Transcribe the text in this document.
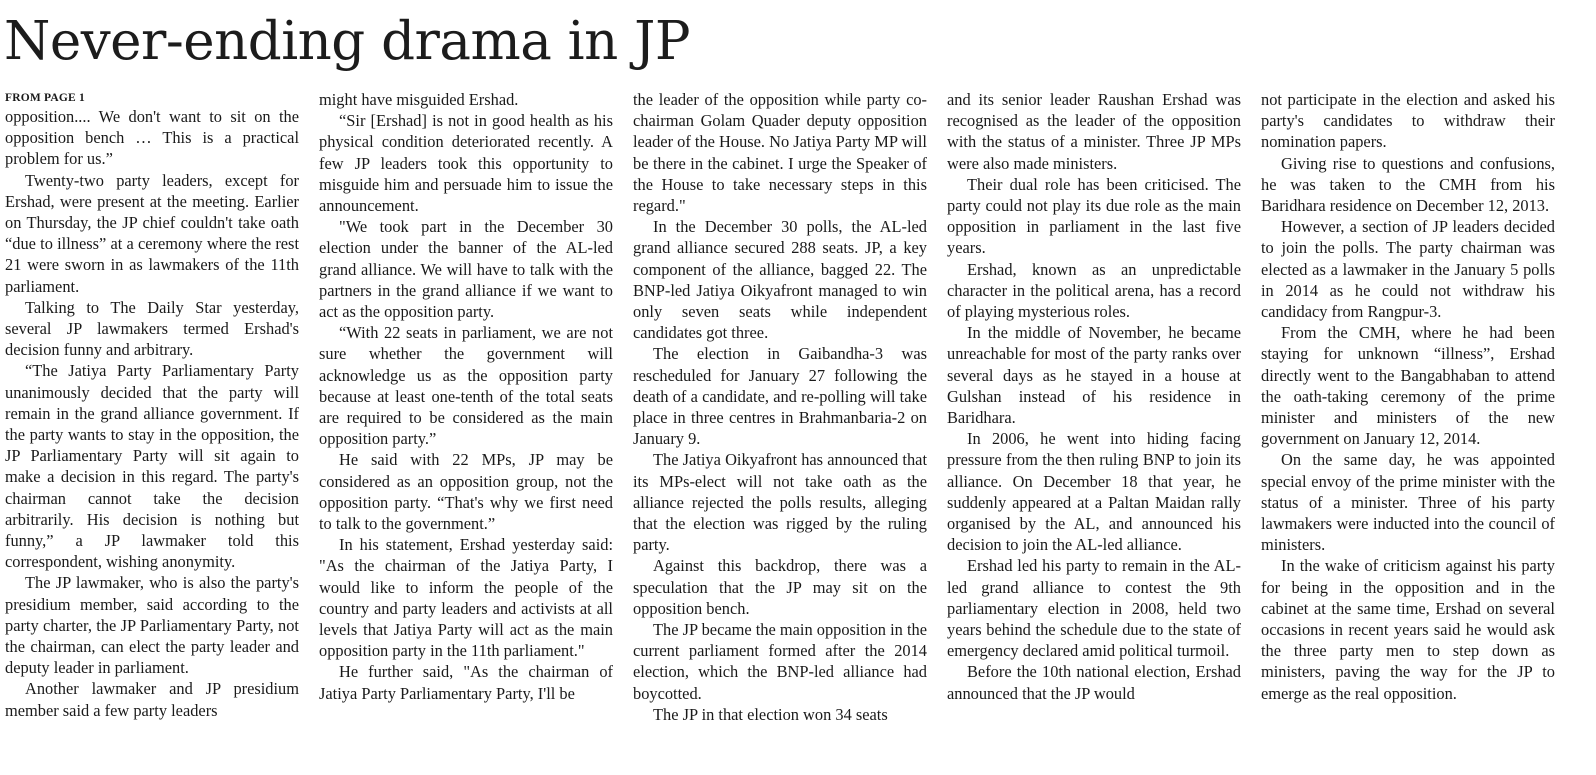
Never-ending drama in JP
FROM PAGE 1

opposition.... We don't want to sit on the opposition bench … This is a practical problem for us.”

Twenty-two party leaders, except for Ershad, were present at the meeting. Earlier on Thursday, the JP chief couldn't take oath “due to illness” at a ceremony where the rest 21 were sworn in as lawmakers of the 11th parliament.

Talking to The Daily Star yesterday, several JP lawmakers termed Ershad's decision funny and arbitrary.

“The Jatiya Party Parliamentary Party unanimously decided that the party will remain in the grand alliance government. If the party wants to stay in the opposition, the JP Parliamentary Party will sit again to make a decision in this regard. The party's chairman cannot take the decision arbitrarily. His decision is nothing but funny,” a JP lawmaker told this correspondent, wishing anonymity.

The JP lawmaker, who is also the party's presidium member, said according to the party charter, the JP Parliamentary Party, not the chairman, can elect the party leader and deputy leader in parliament.

Another lawmaker and JP presidium member said a few party leaders

might have misguided Ershad.

“Sir [Ershad] is not in good health as his physical condition deteriorated recently. A few JP leaders took this opportunity to misguide him and persuade him to issue the announcement.

"We took part in the December 30 election under the banner of the AL-led grand alliance. We will have to talk with the partners in the grand alliance if we want to act as the opposition party.

“With 22 seats in parliament, we are not sure whether the government will acknowledge us as the opposition party because at least one-tenth of the total seats are required to be considered as the main opposition party.”

He said with 22 MPs, JP may be considered as an opposition group, not the opposition party. “That's why we first need to talk to the government.”

In his statement, Ershad yesterday said: "As the chairman of the Jatiya Party, I would like to inform the people of the country and party leaders and activists at all levels that Jatiya Party will act as the main opposition party in the 11th parliament."

He further said, "As the chairman of Jatiya Party Parliamentary Party, I'll be

the leader of the opposition while party co-chairman Golam Quader deputy opposition leader of the House. No Jatiya Party MP will be there in the cabinet. I urge the Speaker of the House to take necessary steps in this regard."

In the December 30 polls, the AL-led grand alliance secured 288 seats. JP, a key component of the alliance, bagged 22. The BNP-led Jatiya Oikyafront managed to win only seven seats while independent candidates got three.

The election in Gaibandha-3 was rescheduled for January 27 following the death of a candidate, and re-polling will take place in three centres in Brahmanbaria-2 on January 9.

The Jatiya Oikyafront has announced that its MPs-elect will not take oath as the alliance rejected the polls results, alleging that the election was rigged by the ruling party.

Against this backdrop, there was a speculation that the JP may sit on the opposition bench.

The JP became the main opposition in the current parliament formed after the 2014 election, which the BNP-led alliance had boycotted.

The JP in that election won 34 seats

and its senior leader Raushan Ershad was recognised as the leader of the opposition with the status of a minister. Three JP MPs were also made ministers.

Their dual role has been criticised. The party could not play its due role as the main opposition in parliament in the last five years.

Ershad, known as an unpredictable character in the political arena, has a record of playing mysterious roles.

In the middle of November, he became unreachable for most of the party ranks over several days as he stayed in a house at Gulshan instead of his residence in Baridhara.

In 2006, he went into hiding facing pressure from the then ruling BNP to join its alliance. On December 18 that year, he suddenly appeared at a Paltan Maidan rally organised by the AL, and announced his decision to join the AL-led alliance.

Ershad led his party to remain in the AL-led grand alliance to contest the 9th parliamentary election in 2008, held two years behind the schedule due to the state of emergency declared amid political turmoil.

Before the 10th national election, Ershad announced that the JP would

not participate in the election and asked his party's candidates to withdraw their nomination papers.

Giving rise to questions and confusions, he was taken to the CMH from his Baridhara residence on December 12, 2013.

However, a section of JP leaders decided to join the polls. The party chairman was elected as a lawmaker in the January 5 polls in 2014 as he could not withdraw his candidacy from Rangpur-3.

From the CMH, where he had been staying for unknown “illness”, Ershad directly went to the Bangabhaban to attend the oath-taking ceremony of the prime minister and ministers of the new government on January 12, 2014.

On the same day, he was appointed special envoy of the prime minister with the status of a minister. Three of his party lawmakers were inducted into the council of ministers.

In the wake of criticism against his party for being in the opposition and in the cabinet at the same time, Ershad on several occasions in recent years said he would ask the three party men to step down as ministers, paving the way for the JP to emerge as the real opposition.
